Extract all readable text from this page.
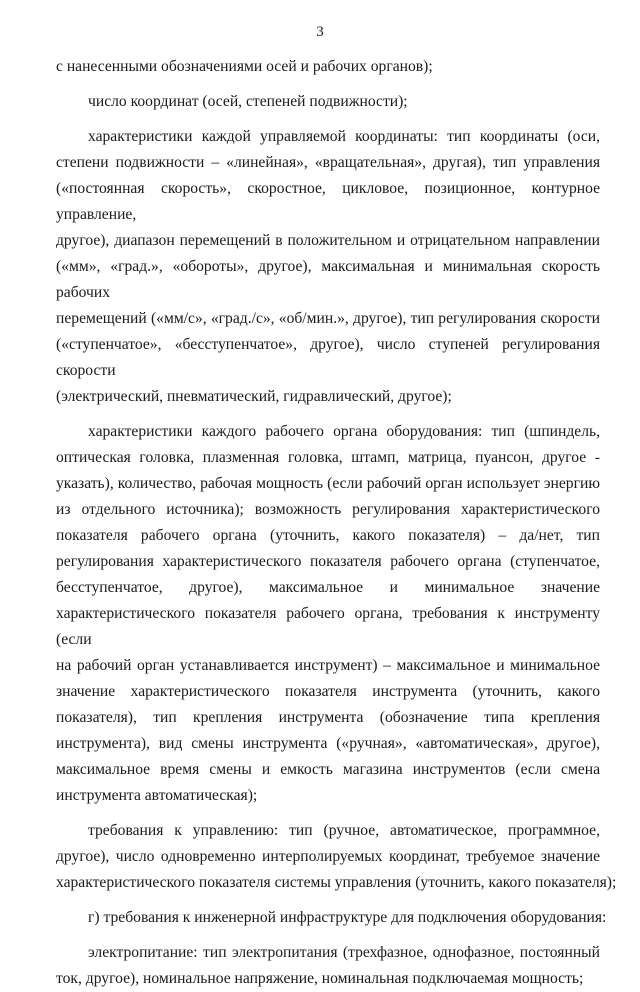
3
с нанесенными обозначениями осей и рабочих органов);
число координат (осей, степеней подвижности);
характеристики каждой управляемой координаты: тип координаты (оси,
степени подвижности – «линейная», «вращательная», другая), тип управления
(«постоянная скорость», скоростное, цикловое, позиционное, контурное управление,
другое), диапазон перемещений в положительном и отрицательном направлении
(«мм», «град.», «обороты», другое), максимальная и минимальная скорость рабочих
перемещений («мм/с», «град./с», «об/мин.», другое), тип регулирования скорости
(«ступенчатое», «бесступенчатое», другое), число ступеней регулирования скорости
(электрический, пневматический, гидравлический, другое);
характеристики каждого рабочего органа оборудования: тип (шпиндель,
оптическая головка, плазменная головка, штамп, матрица, пуансон, другое -
указать), количество, рабочая мощность (если рабочий орган использует энергию
из отдельного источника); возможность регулирования характеристического
показателя рабочего органа (уточнить, какого показателя) – да/нет, тип
регулирования характеристического показателя рабочего органа (ступенчатое,
бесступенчатое, другое), максимальное и минимальное значение
характеристического показателя рабочего органа, требования к инструменту (если
на рабочий орган устанавливается инструмент) – максимальное и минимальное
значение характеристического показателя инструмента (уточнить, какого
показателя), тип крепления инструмента (обозначение типа крепления
инструмента), вид смены инструмента («ручная», «автоматическая», другое),
максимальное время смены и емкость магазина инструментов (если смена
инструмента автоматическая);
требования к управлению: тип (ручное, автоматическое, программное,
другое), число одновременно интерполируемых координат, требуемое значение
характеристического показателя системы управления (уточнить, какого показателя);
г) требования к инженерной инфраструктуре для подключения оборудования:
электропитание: тип электропитания (трехфазное, однофазное, постоянный
ток, другое), номинальное напряжение, номинальная подключаемая мощность;
